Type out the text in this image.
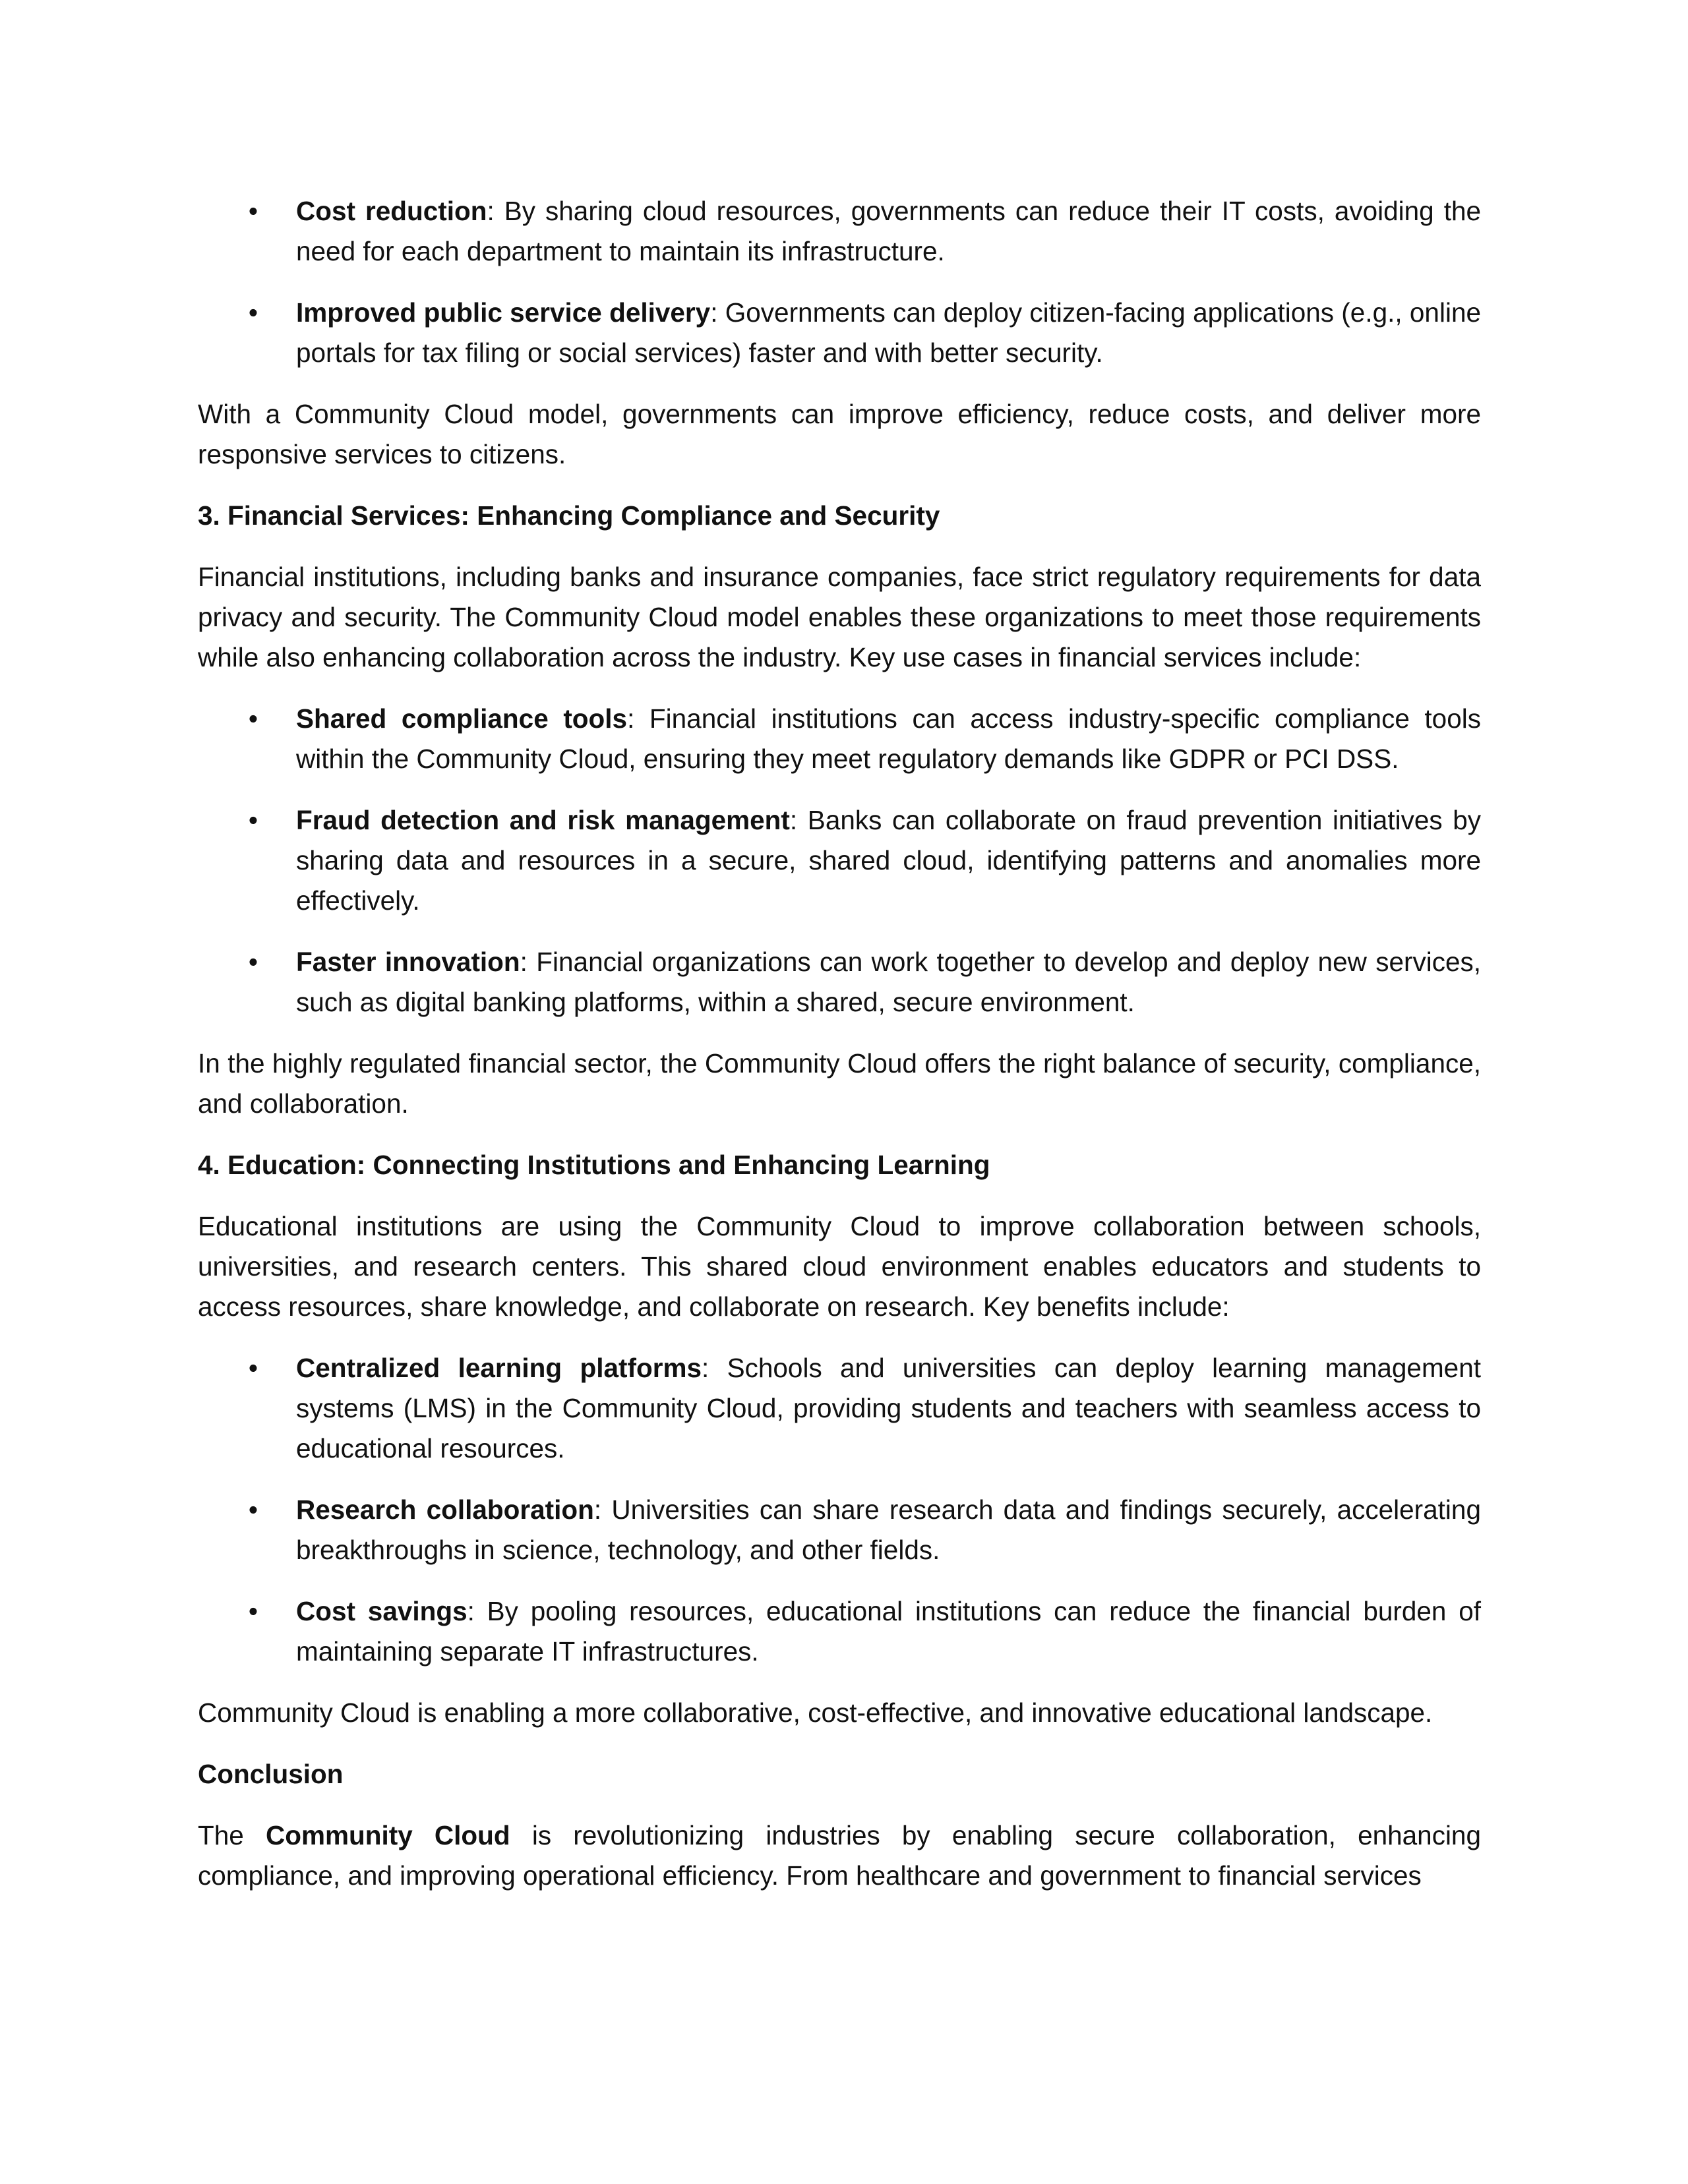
• Cost reduction: By sharing cloud resources, governments can reduce their IT costs, avoiding the need for each department to maintain its infrastructure.
• Improved public service delivery: Governments can deploy citizen-facing applications (e.g., online portals for tax filing or social services) faster and with better security.

With a Community Cloud model, governments can improve efficiency, reduce costs, and deliver more responsive services to citizens.

3. Financial Services: Enhancing Compliance and Security

Financial institutions, including banks and insurance companies, face strict regulatory requirements for data privacy and security. The Community Cloud model enables these organizations to meet those requirements while also enhancing collaboration across the industry. Key use cases in financial services include:

• Shared compliance tools: Financial institutions can access industry-specific compliance tools within the Community Cloud, ensuring they meet regulatory demands like GDPR or PCI DSS.
• Fraud detection and risk management: Banks can collaborate on fraud prevention initiatives by sharing data and resources in a secure, shared cloud, identifying patterns and anomalies more effectively.
• Faster innovation: Financial organizations can work together to develop and deploy new services, such as digital banking platforms, within a shared, secure environment.

In the highly regulated financial sector, the Community Cloud offers the right balance of security, compliance, and collaboration.

4. Education: Connecting Institutions and Enhancing Learning

Educational institutions are using the Community Cloud to improve collaboration between schools, universities, and research centers. This shared cloud environment enables educators and students to access resources, share knowledge, and collaborate on research. Key benefits include:

• Centralized learning platforms: Schools and universities can deploy learning management systems (LMS) in the Community Cloud, providing students and teachers with seamless access to educational resources.
• Research collaboration: Universities can share research data and findings securely, accelerating breakthroughs in science, technology, and other fields.
• Cost savings: By pooling resources, educational institutions can reduce the financial burden of maintaining separate IT infrastructures.

Community Cloud is enabling a more collaborative, cost-effective, and innovative educational landscape.

Conclusion

The Community Cloud is revolutionizing industries by enabling secure collaboration, enhancing compliance, and improving operational efficiency. From healthcare and government to financial services
